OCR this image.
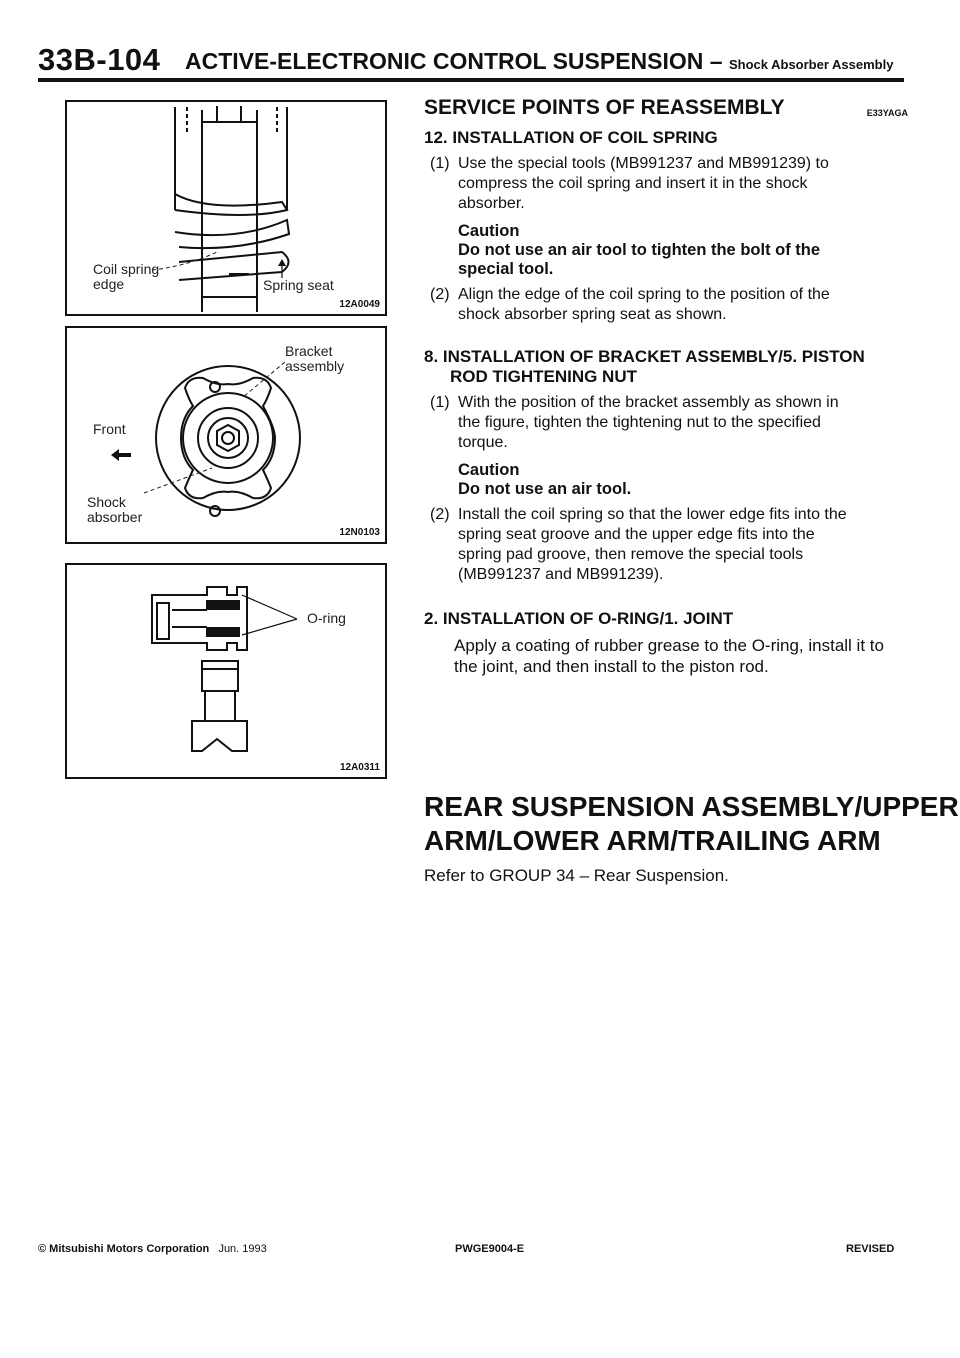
33B-104 ACTIVE-ELECTRONIC CONTROL SUSPENSION – Shock Absorber Assembly
Coil spring
edge	Spring seat
12A0049
Bracket
assembly
Front
Shock
absorber
12N0103
O-ring
12A0311
SERVICE POINTS OF REASSEMBLY	E33YAGA
12. INSTALLATION OF COIL SPRING
(1) Use the special tools (MB991237 and MB991239) to
compress the coil spring and insert it in the shock
absorber.
Caution
Do not use an air tool to tighten the bolt of the
special tool.
(2) Align the edge of the coil spring to the position of the
shock absorber spring seat as shown.
8. INSTALLATION OF BRACKET ASSEMBLY/5. PISTON
ROD TIGHTENING NUT
(1) With the position of the bracket assembly as shown in
the figure, tighten the tightening nut to the specified
torque.
Caution
Do not use an air tool.
(2) Install the coil spring so that the lower edge fits into the
spring seat groove and the upper edge fits into the
spring pad groove, then remove the special tools
(MB991237 and MB991239).
2. INSTALLATION OF O-RING/1. JOINT
Apply a coating of rubber grease to the O-ring, install it to
the joint, and then install to the piston rod.
REAR SUSPENSION ASSEMBLY/UPPER
ARM/LOWER ARM/TRAILING ARM
Refer to GROUP 34 – Rear Suspension.
© Mitsubishi Motors Corporation Jun. 1993	PWGE9004-E	REVISED
